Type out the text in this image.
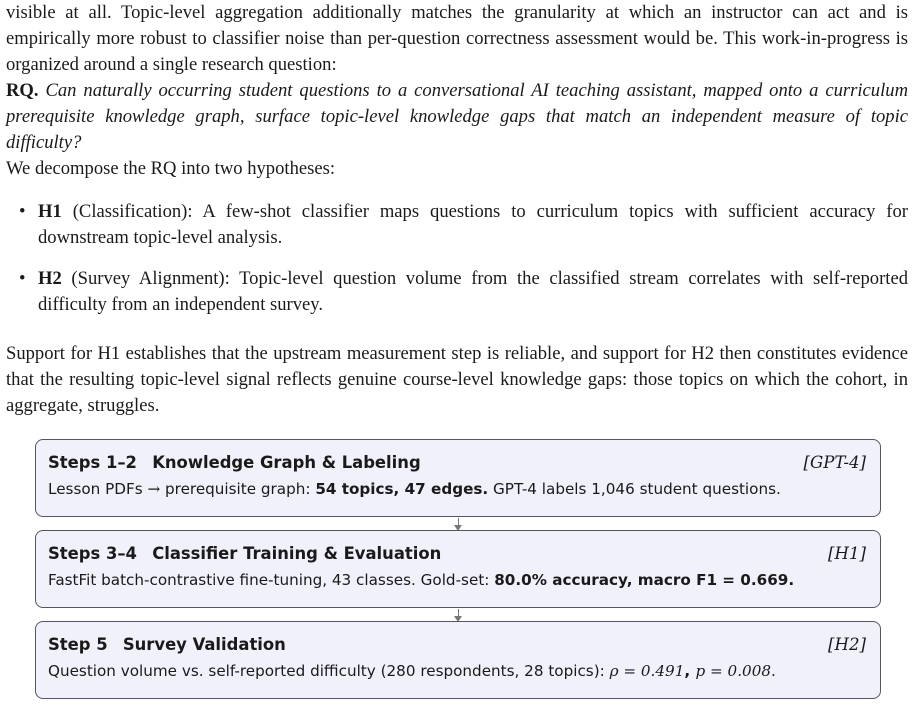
visible at all. Topic-level aggregation additionally matches the granularity at which an instructor can act and is empirically more robust to classifier noise than per-question correctness assessment would be. This work-in-progress is organized around a single research question:

RQ. Can naturally occurring student questions to a conversational AI teaching assistant, mapped onto a curriculum prerequisite knowledge graph, surface topic-level knowledge gaps that match an independent measure of topic difficulty?

We decompose the RQ into two hypotheses:

• H1 (Classification): A few-shot classifier maps questions to curriculum topics with sufficient accuracy for downstream topic-level analysis.
• H2 (Survey Alignment): Topic-level question volume from the classified stream correlates with self-reported difficulty from an independent survey.

Support for H1 establishes that the upstream measurement step is reliable, and support for H2 then constitutes evidence that the resulting topic-level signal reflects genuine course-level knowledge gaps: those topics on which the cohort, in aggregate, struggles.

Steps 1–2 Knowledge Graph & Labeling	[GPT-4]
Lesson PDFs → prerequisite graph: 54 topics, 47 edges. GPT-4 labels 1,046 student questions.
Steps 3–4 Classifier Training & Evaluation	[H1]
FastFit batch-contrastive fine-tuning, 43 classes. Gold-set: 80.0% accuracy, macro F1 = 0.669.
Step 5 Survey Validation	[H2]
Question volume vs. self-reported difficulty (280 respondents, 28 topics): ρ = 0.491, p = 0.008.
